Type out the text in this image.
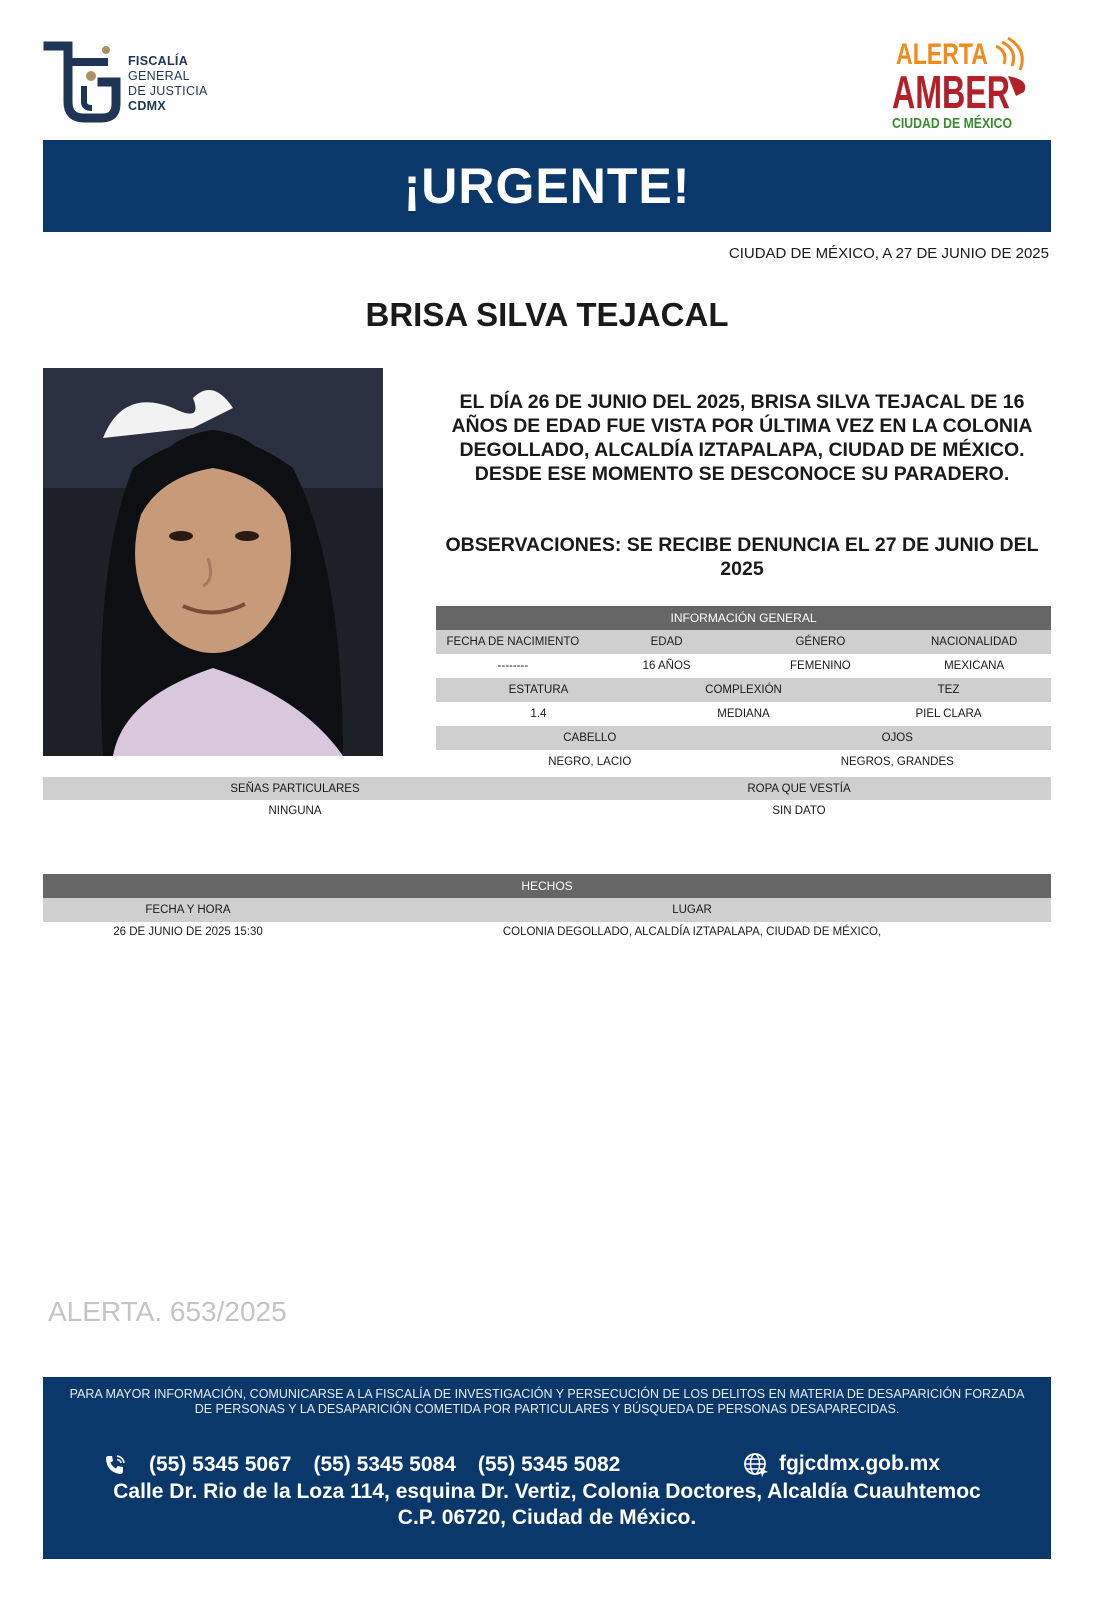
FISCALÍA
GENERAL
DE JUSTICIA
CDMX
ALERTA
AMBER
CIUDAD DE MÉXICO
¡URGENTE!
CIUDAD DE MÉXICO, A 27 DE JUNIO DE 2025
BRISA SILVA TEJACAL
EL DÍA 26 DE JUNIO DEL 2025, BRISA SILVA TEJACAL DE 16 AÑOS DE EDAD FUE VISTA POR ÚLTIMA VEZ EN LA COLONIA DEGOLLADO, ALCALDÍA IZTAPALAPA, CIUDAD DE MÉXICO. DESDE ESE MOMENTO SE DESCONOCE SU PARADERO.
OBSERVACIONES: SE RECIBE DENUNCIA EL 27 DE JUNIO DEL 2025
INFORMACIÓN GENERAL
FECHA DE NACIMIENTO	EDAD	GÉNERO	NACIONALIDAD
--------	16 AÑOS	FEMENINO	MEXICANA
ESTATURA	COMPLEXIÓN	TEZ
1.4	MEDIANA	PIEL CLARA
CABELLO	OJOS
NEGRO, LACIO	NEGROS, GRANDES
SEÑAS PARTICULARES	ROPA QUE VESTÍA
NINGUNA	SIN DATO
HECHOS
FECHA Y HORA	LUGAR
26 DE JUNIO DE 2025 15:30	COLONIA DEGOLLADO, ALCALDÍA IZTAPALAPA, CIUDAD DE MÉXICO,
ALERTA. 653/2025
PARA MAYOR INFORMACIÓN, COMUNICARSE A LA FISCALÍA DE INVESTIGACIÓN Y PERSECUCIÓN DE LOS DELITOS EN MATERIA DE DESAPARICIÓN FORZADA DE PERSONAS Y LA DESAPARICIÓN COMETIDA POR PARTICULARES Y BÚSQUEDA DE PERSONAS DESAPARECIDAS.
(55) 5345 5067 (55) 5345 5084 (55) 5345 5082	fgjcdmx.gob.mx
Calle Dr. Rio de la Loza 114, esquina Dr. Vertiz, Colonia Doctores, Alcaldía Cuauhtemoc
C.P. 06720, Ciudad de México.
